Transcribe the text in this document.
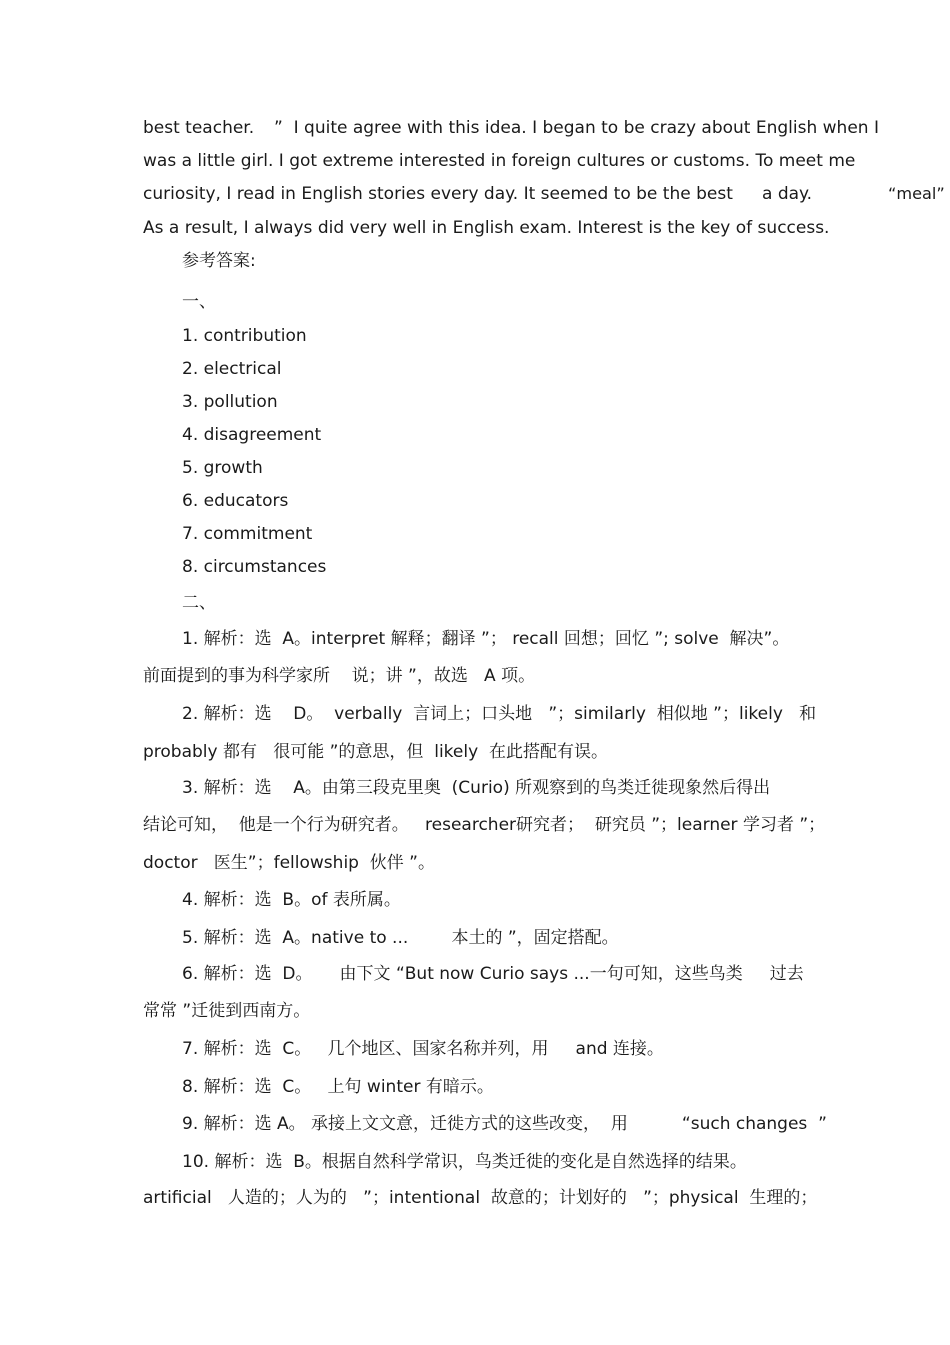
best teacher. ”  I quite agree with this idea. I began to be crazy about English when I
was a little girl. I got extreme interested in foreign cultures or customs. To meet me
curiosity, I read in English stories every day. It seemed to be the best a day.	“meal”
As a result, I always did very well in English exam. Interest is the key of success.
参考答案:
一、
1. contribution
2. electrical
3. pollution
4. disagreement
5. growth
6. educators
7. commitment
8. circumstances
二、
1. 解析：选  A。interpret 解释；翻译 ”； recall 回想；回忆 ”; solve  解决”。
前面提到的事为科学家所    说；讲 ”，故选   A 项。
2. 解析：选    D。  verbally  言词上；口头地   ”；similarly  相似地 ”；likely   和
probably 都有   很可能 ”的意思，但  likely  在此搭配有误。
3. 解析：选    A。由第三段克里奥  (Curio) 所观察到的鸟类迁徙现象然后得出
结论可知，  他是一个行为研究者。   researcher研究者；  研究员 ”；learner 学习者 ”；
doctor   医生”；fellowship  伙伴 ”。
4. 解析：选  B。of 表所属。
5. 解析：选  A。native to ...        本土的 ”，固定搭配。
6. 解析：选  D。     由下文 “But now Curio says ...一句可知，这些鸟类     过去
常常 ”迁徙到西南方。
7. 解析：选  C。   几个地区、国家名称并列，用     and 连接。
8. 解析：选  C。   上句 winter 有暗示。
9. 解析：选 A。 承接上文文意，迁徙方式的这些改变，  用          “such changes  ”
10. 解析：选  B。根据自然科学常识，鸟类迁徙的变化是自然选择的结果。
artificial   人造的；人为的   ”；intentional  故意的；计划好的   ”；physical  生理的；
